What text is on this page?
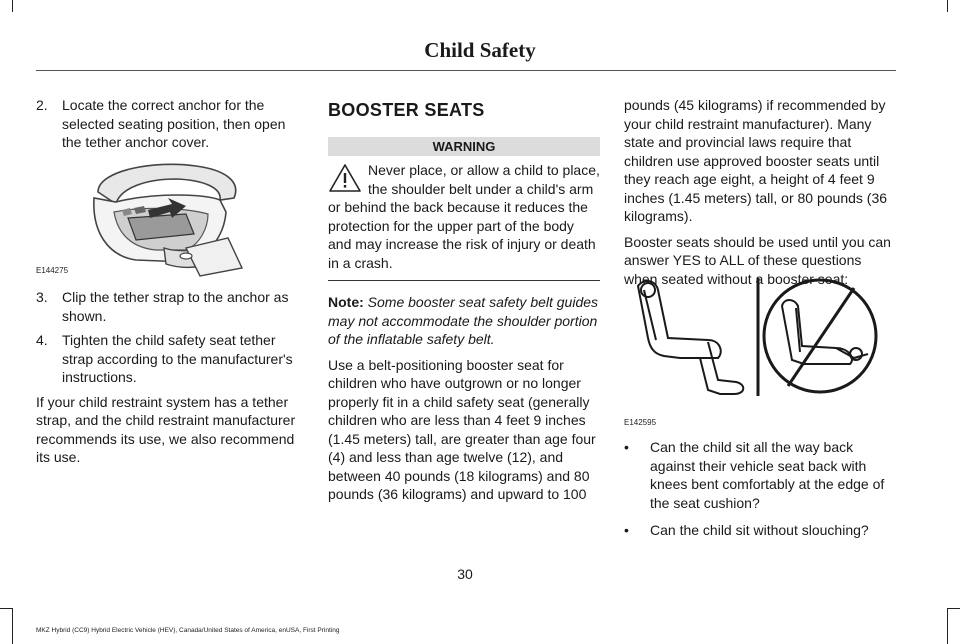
Child Safety
2.	Locate the correct anchor for the selected seating position, then open the tether anchor cover.
E144275
3.	Clip the tether strap to the anchor as shown.
4.	Tighten the child safety seat tether strap according to the manufacturer's instructions.
If your child restraint system has a tether strap, and the child restraint manufacturer recommends its use, we also recommend its use.
BOOSTER SEATS
WARNING
Never place, or allow a child to place, the shoulder belt under a child's arm or behind the back because it reduces the protection for the upper part of the body and may increase the risk of injury or death in a crash.
Note: Some booster seat safety belt guides may not accommodate the shoulder portion of the inflatable safety belt.
Use a belt-positioning booster seat for children who have outgrown or no longer properly fit in a child safety seat (generally children who are less than 4 feet 9 inches (1.45 meters) tall, are greater than age four (4) and less than age twelve (12), and between 40 pounds (18 kilograms) and 80 pounds (36 kilograms) and upward to 100
pounds (45 kilograms) if recommended by your child restraint manufacturer). Many state and provincial laws require that children use approved booster seats until they reach age eight, a height of 4 feet 9 inches (1.45 meters) tall, or 80 pounds (36 kilograms).
Booster seats should be used until you can answer YES to ALL of these questions when seated without a booster seat:
E142595
•	Can the child sit all the way back against their vehicle seat back with knees bent comfortably at the edge of the seat cushion?
•	Can the child sit without slouching?
30
MKZ Hybrid (CC9) Hybrid Electric Vehicle (HEV), Canada/United States of America, enUSA, First Printing
